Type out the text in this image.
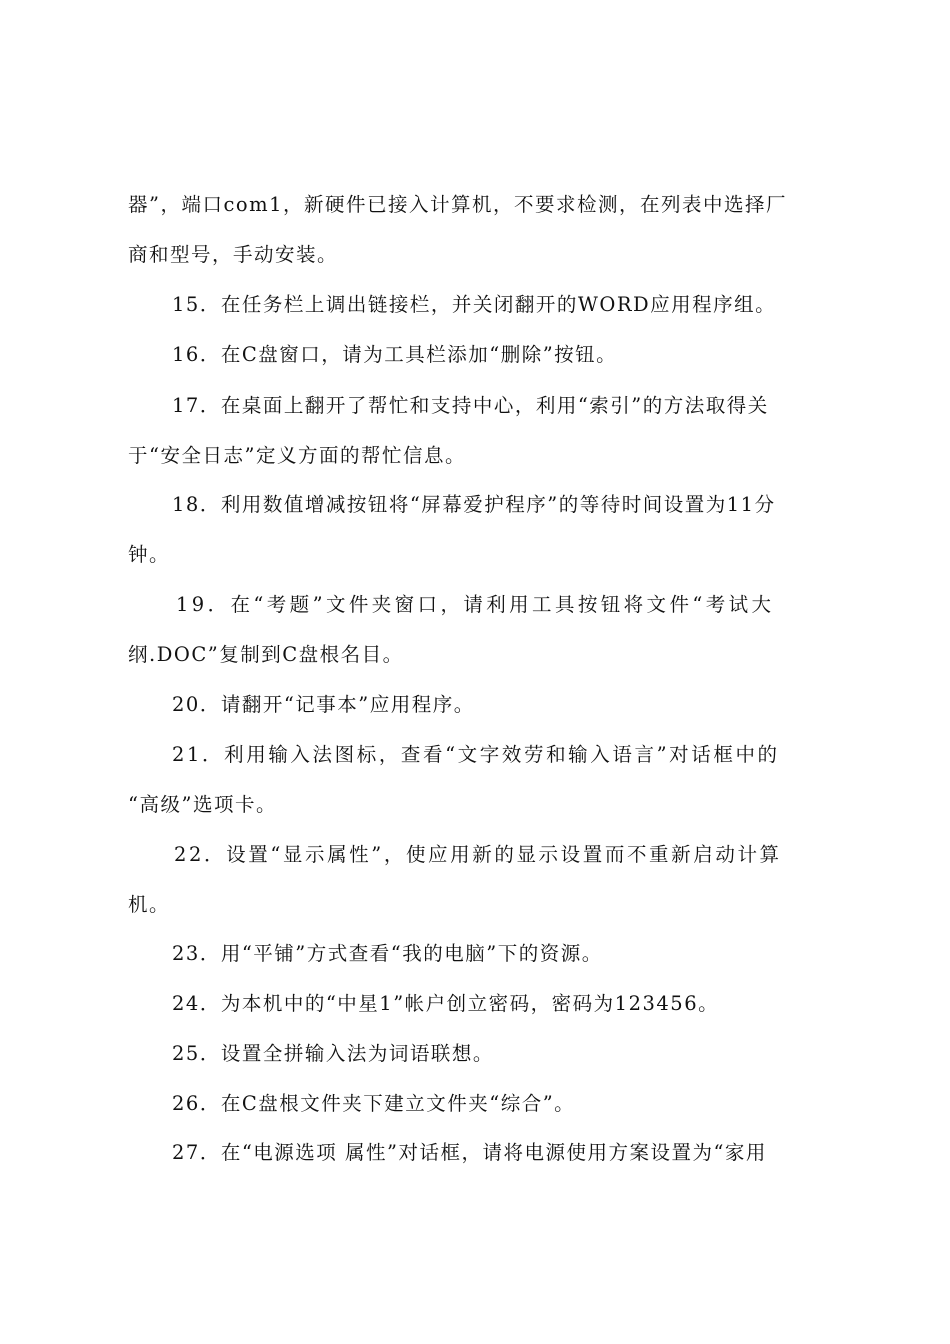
器”，端口com1，新硬件已接入计算机，不要求检测，在列表中选择厂
商和型号，手动安装。
15．在任务栏上调出链接栏，并关闭翻开的WORD应用程序组。
16．在C盘窗口，请为工具栏添加“删除”按钮。
17．在桌面上翻开了帮忙和支持中心，利用“索引”的方法取得关
于“安全日志”定义方面的帮忙信息。
18．利用数值增减按钮将“屏幕爱护程序”的等待时间设置为11分
钟。
19．在“考题”文件夹窗口，请利用工具按钮将文件“考试大
纲.DOC”复制到C盘根名目。
20．请翻开“记事本”应用程序。
21．利用输入法图标，查看“文字效劳和输入语言”对话框中的
“高级”选项卡。
22．设置“显示属性”，使应用新的显示设置而不重新启动计算
机。
23．用“平铺”方式查看“我的电脑”下的资源。
24．为本机中的“中星1”帐户创立密码，密码为123456。
25．设置全拼输入法为词语联想。
26．在C盘根文件夹下建立文件夹“综合”。
27．在“电源选项 属性”对话框，请将电源使用方案设置为“家用
